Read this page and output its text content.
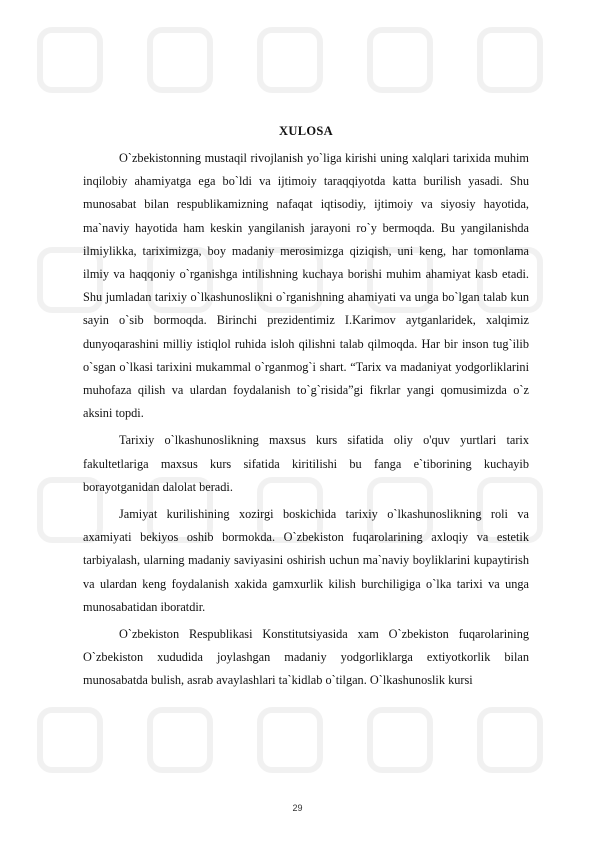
XULOSA

O`zbekistonning mustaqil rivojlanish yo`liga kirishi uning xalqlari tarixida muhim inqilobiy ahamiyatga ega bo`ldi va ijtimoiy taraqqiyotda katta burilish yasadi. Shu munosabat bilan respublikamizning nafaqat iqtisodiy, ijtimoiy va siyosiy hayotida, ma`naviy hayotida ham keskin yangilanish jarayoni ro`y bermoqda. Bu yangilanishda ilmiylikka, tariximizga, boy madaniy merosimizga qiziqish, uni keng, har tomonlama ilmiy va haqqoniy o`rganishga intilishning kuchaya borishi muhim ahamiyat kasb etadi. Shu jumladan tarixiy o`lkashunoslikni o`rganishning ahamiyati va unga bo`lgan talab kun sayin o`sib bormoqda. Birinchi prezidentimiz I.Karimov aytganlaridek, xalqimiz dunyoqarashini milliy istiqlol ruhida isloh qilishni talab qilmoqda. Har bir inson tug`ilib o`sgan o`lkasi tarixini mukammal o`rganmog`i shart. “Tarix va madaniyat yodgorliklarini muhofaza qilish va ulardan foydalanish to`g`risida”gi fikrlar yangi qomusimizda o`z aksini topdi.

Tarixiy o`lkashunoslikning maxsus kurs sifatida oliy o'quv yurtlari tarix fakultetlariga maxsus kurs sifatida kiritilishi bu fanga e`tiborining kuchayib borayotganidan dalolat beradi.

Jamiyat kurilishining xozirgi boskichida tarixiy o`lkashunoslikning roli va axamiyati bekiyos oshib bormokda. O`zbekiston fuqarolarining axloqiy va estetik tarbiyalash, ularning madaniy saviyasini oshirish uchun ma`naviy boyliklarini kupaytirish va ulardan keng foydalanish xakida gamxurlik kilish burchiligiga o`lka tarixi va unga munosabatidan iboratdir.

O`zbekiston Respublikasi Konstitutsiyasida xam O`zbekiston fuqarolarining O`zbekiston xududida joylashgan madaniy yodgorliklarga extiyotkorlik bilan munosabatda bulish, asrab avaylashlari ta`kidlab o`tilgan. O`lkashunoslik kursi

29
